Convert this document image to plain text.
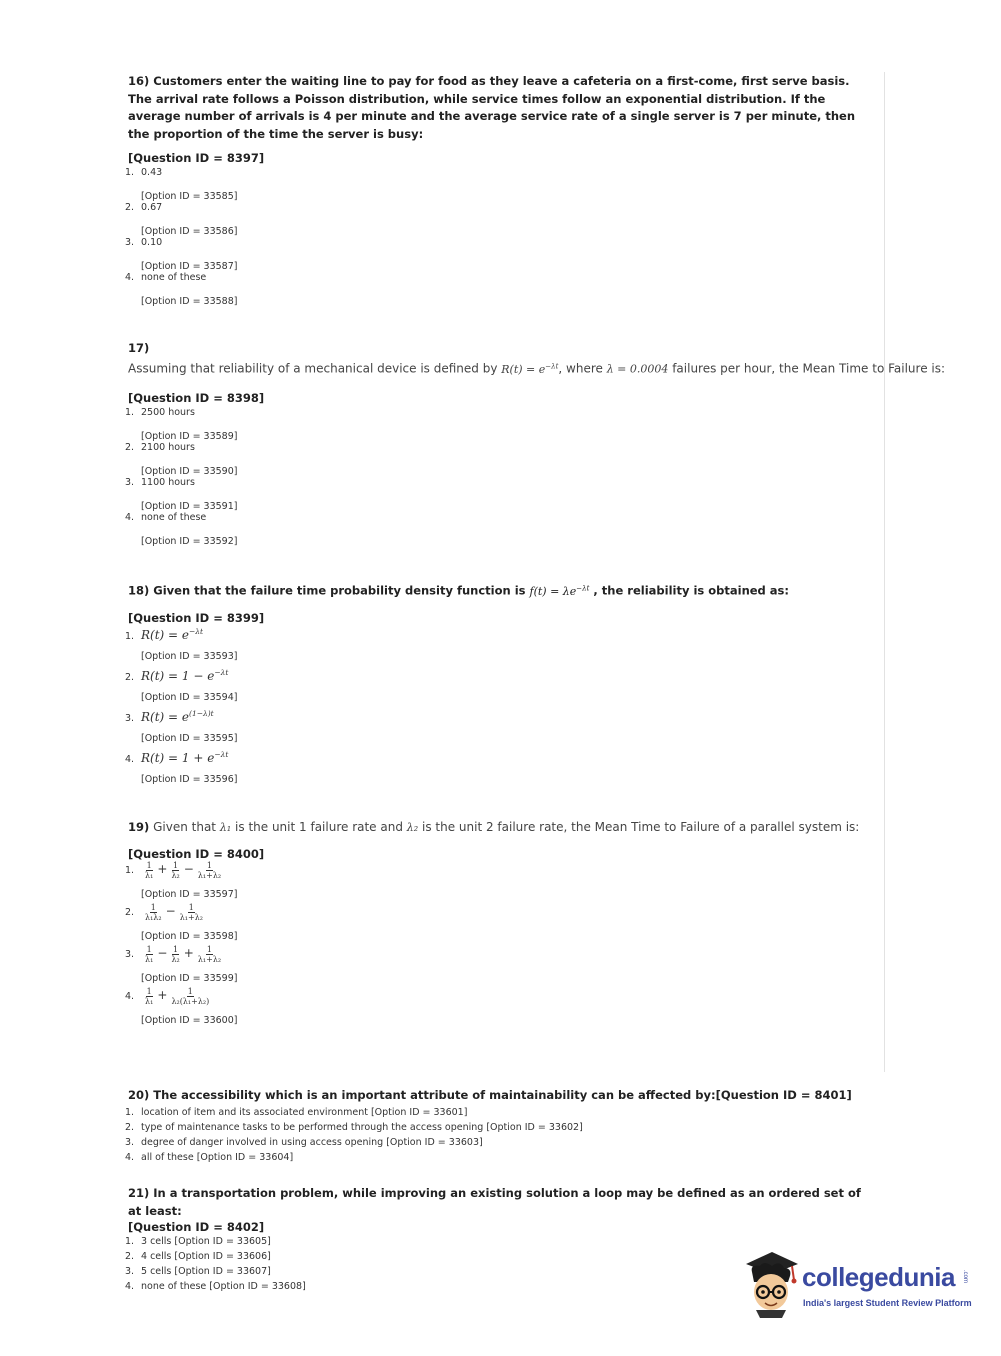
16) Customers enter the waiting line to pay for food as they leave a cafeteria on a first-come, first serve basis. The arrival rate follows a Poisson distribution, while service times follow an exponential distribution. If the average number of arrivals is 4 per minute and the average service rate of a single server is 7 per minute, then the proportion of the time the server is busy:
[Question ID = 8397]
1. 0.43
[Option ID = 33585]
2. 0.67
[Option ID = 33586]
3. 0.10
[Option ID = 33587]
4. none of these
[Option ID = 33588]
17)
Assuming that reliability of a mechanical device is defined by $R(t) = e^{-\lambda t}$, where λ = 0.0004 failures per hour, the Mean Time to Failure is:
[Question ID = 8398]
1. 2500 hours
[Option ID = 33589]
2. 2100 hours
[Option ID = 33590]
3. 1100 hours
[Option ID = 33591]
4. none of these
[Option ID = 33592]
18) Given that the failure time probability density function is $f(t) = \lambda e^{-\lambda t}$ , the reliability is obtained as:
[Question ID = 8399]
1. $R(t) = e^{-\lambda t}$
[Option ID = 33593]
2. $R(t) = 1 - e^{-\lambda t}$
[Option ID = 33594]
3. $R(t) = e^{(1-\lambda)t}$
[Option ID = 33595]
4. $R(t) = 1 + e^{-\lambda t}$
[Option ID = 33596]
19) Given that λ₁ is the unit 1 failure rate and λ₂ is the unit 2 failure rate, the Mean Time to Failure of a parallel system is:
[Question ID = 8400]
1. $\frac{1}{\text{λ₁}} + \frac{1}{\text{λ₂}} - \frac{1}{\text{λ₁+λ₂}}$
[Option ID = 33597]
2. $\frac{1}{\text{λ₁λ₂}} - \frac{1}{\text{λ₁+λ₂}}$
[Option ID = 33598]
3. $\frac{1}{\text{λ₁}} - \frac{1}{\text{λ₂}} + \frac{1}{\text{λ₁+λ₂}}$
[Option ID = 33599]
4. $\frac{1}{\text{λ₁}} + \frac{1}{\text{λ₂(λ₁+λ₂)}}$
[Option ID = 33600]
20) The accessibility which is an important attribute of maintainability can be affected by:[Question ID = 8401]
1. location of item and its associated environment [Option ID = 33601]
2. type of maintenance tasks to be performed through the access opening [Option ID = 33602]
3. degree of danger involved in using access opening [Option ID = 33603]
4. all of these [Option ID = 33604]
21) In a transportation problem, while improving an existing solution a loop may be defined as an ordered set of at least:
[Question ID = 8402]
1. 3 cells [Option ID = 33605]
2. 4 cells [Option ID = 33606]
3. 5 cells [Option ID = 33607]
4. none of these [Option ID = 33608]	collegedunia .com
India's largest Student Review Platform
